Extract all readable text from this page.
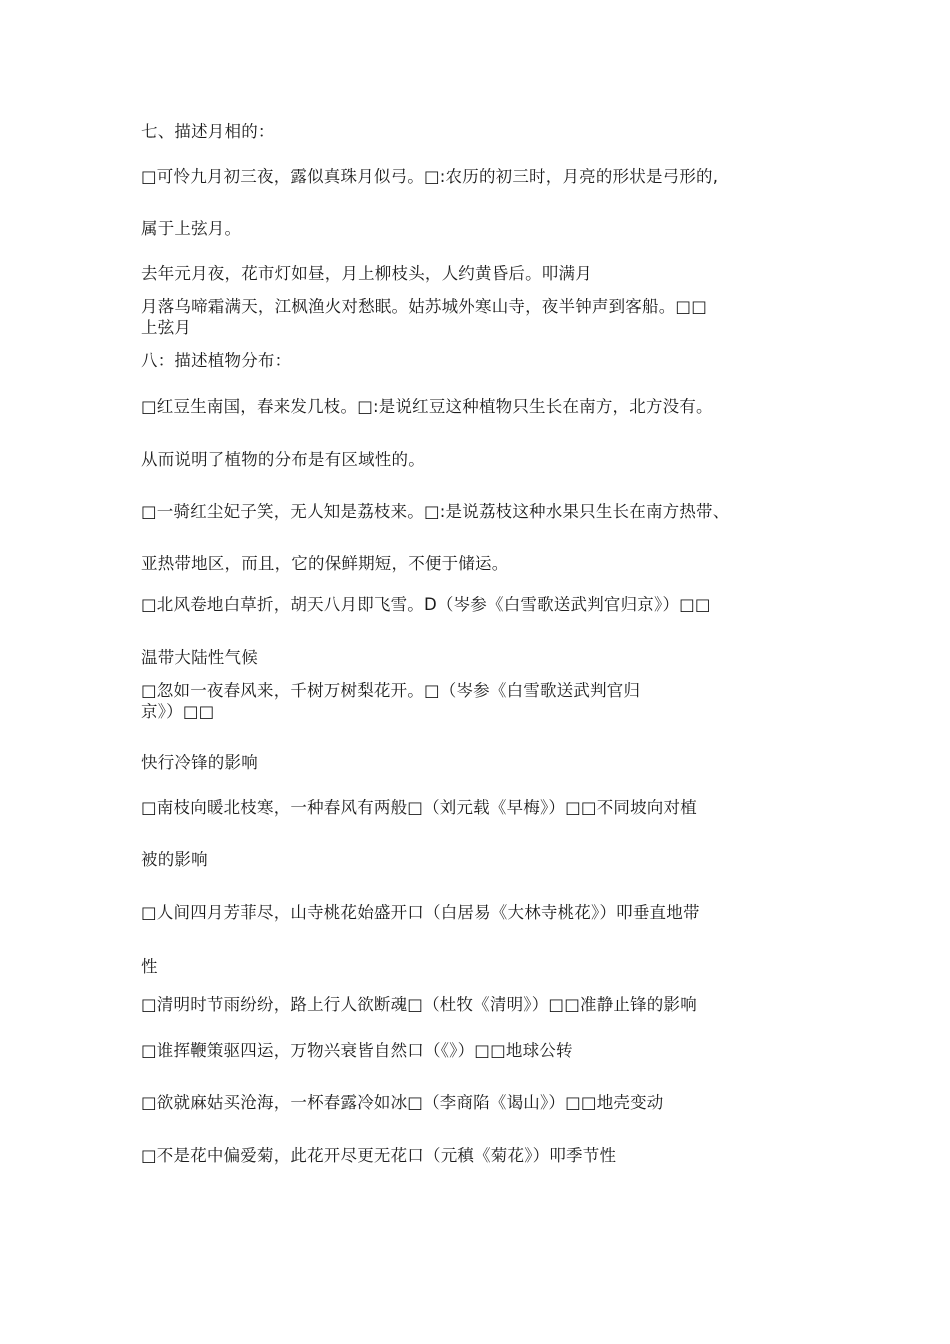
七、描述月相的：
□可怜九月初三夜，露似真珠月似弓。□:农历的初三时，月亮的形状是弓形的,
属于上弦月。
去年元月夜，花市灯如昼，月上柳枝头，人约黄昏后。叩满月
月落乌啼霜满天，江枫渔火对愁眠。姑苏城外寒山寺，夜半钟声到客船。□□
上弦月
八：描述植物分布：
□红豆生南国，春来发几枝。□:是说红豆这种植物只生长在南方，北方没有。
从而说明了植物的分布是有区域性的。
□一骑红尘妃子笑，无人知是荔枝来。□:是说荔枝这种水果只生长在南方热带、
亚热带地区，而且，它的保鲜期短，不便于储运。
□北风卷地白草折，胡天八月即飞雪。D（岑参《白雪歌送武判官归京》）□□
温带大陆性气候
□忽如一夜春风来，千树万树梨花开。□（岑参《白雪歌送武判官归
京》）□□
快行冷锋的影响
□南枝向暖北枝寒，一种春风有两般□（刘元载《早梅》）□□不同坡向对植
被的影响
□人间四月芳菲尽，山寺桃花始盛开口（白居易《大林寺桃花》）叩垂直地带
性
□清明时节雨纷纷，路上行人欲断魂□（杜牧《清明》）□□准静止锋的影响
□谁挥鞭策驱四运，万物兴衰皆自然口（《》）□□地球公转
□欲就麻姑买沧海，一杯春露冷如冰□（李商陷《谒山》）□□地壳变动
□不是花中偏爱菊，此花开尽更无花口（元稹《菊花》）叩季节性
